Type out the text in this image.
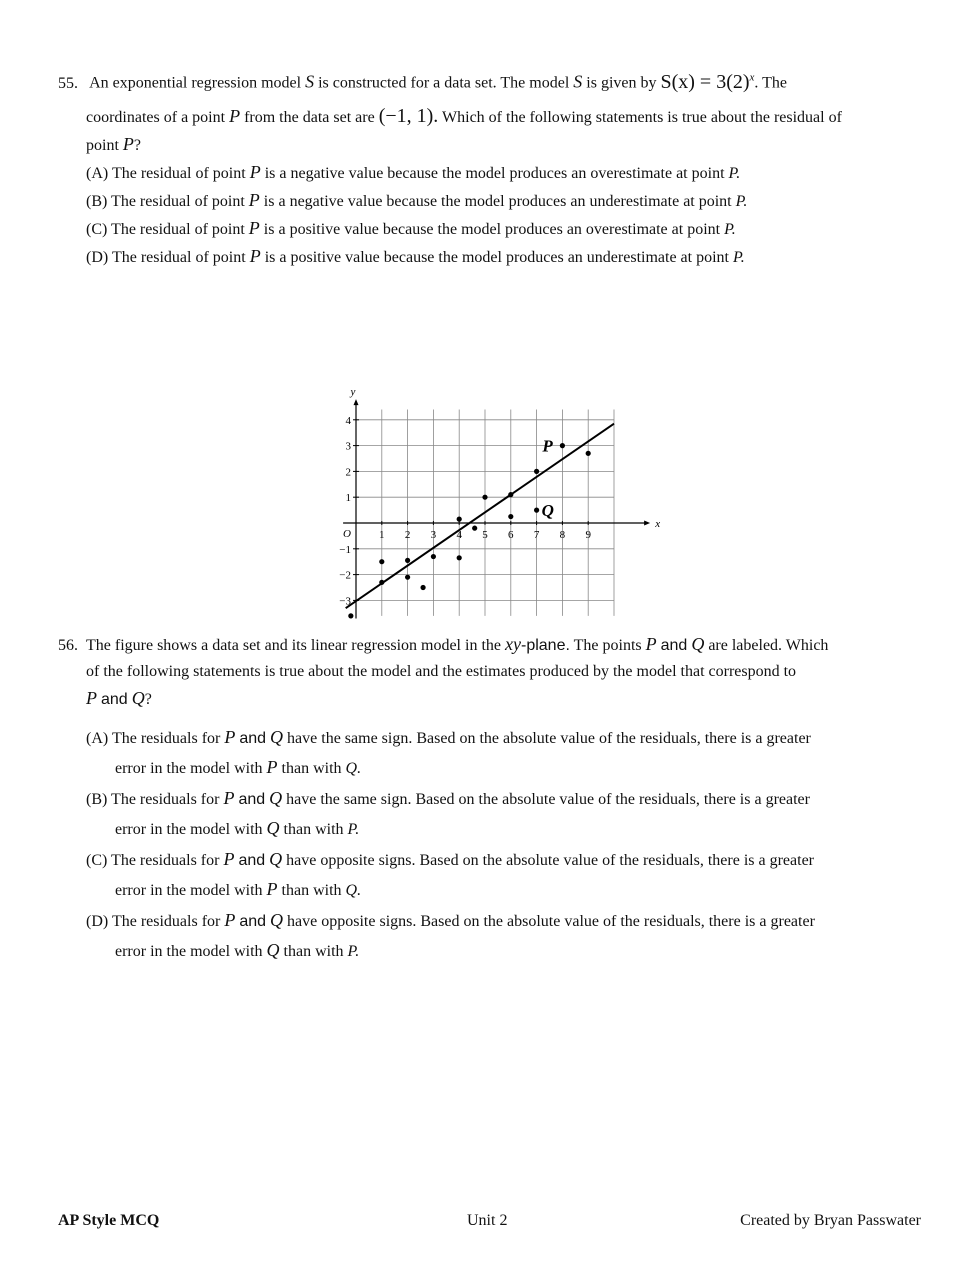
55. An exponential regression model S is constructed for a data set. The model S is given by $S(x) = 3(2)^x$. The
coordinates of a point P from the data set are (−1, 1). Which of the following statements is true about the residual of
point P?
(A) The residual of point P is a negative value because the model produces an overestimate at point P.
(B) The residual of point P is a negative value because the model produces an underestimate at point P.
(C) The residual of point P is a positive value because the model produces an overestimate at point P.
(D) The residual of point P is a positive value because the model produces an underestimate at point P.
1 2 3 4 5 6 7 8 9
1
2
3
4
−1
−2
−3
O
x
y
P
Q
56. The figure shows a data set and its linear regression model in the xy-plane. The points P and Q are labeled. Which
of the following statements is true about the model and the estimates produced by the model that correspond to
P and Q?
(A) The residuals for P and Q have the same sign. Based on the absolute value of the residuals, there is a greater
error in the model with P than with Q.
(B) The residuals for P and Q have the same sign. Based on the absolute value of the residuals, there is a greater
error in the model with Q than with P.
(C) The residuals for P and Q have opposite signs. Based on the absolute value of the residuals, there is a greater
error in the model with P than with Q.
(D) The residuals for P and Q have opposite signs. Based on the absolute value of the residuals, there is a greater
error in the model with Q than with P.
AP Style MCQ	Unit 2	Created by Bryan Passwater
